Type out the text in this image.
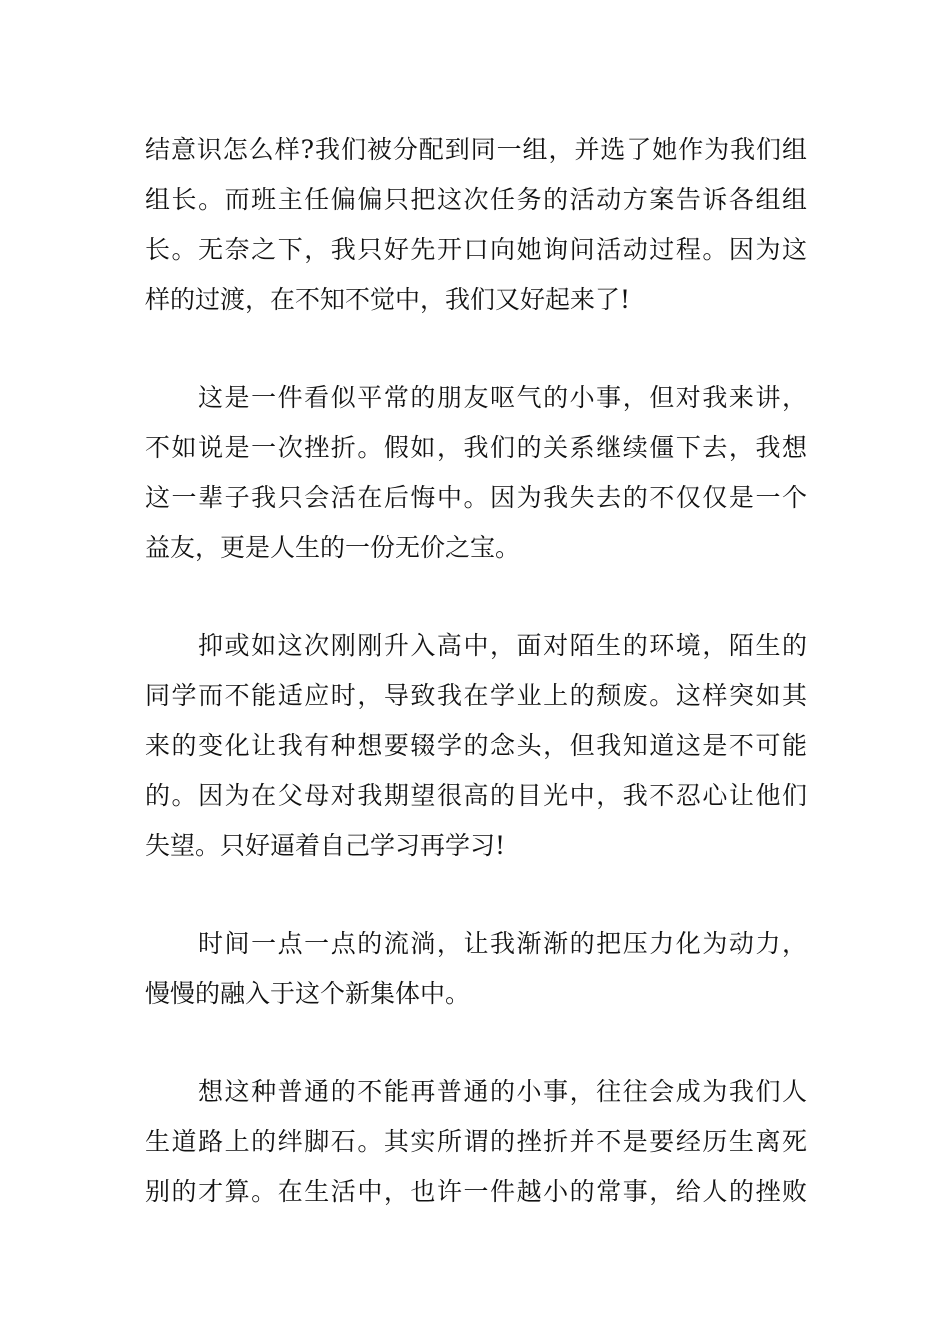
结意识怎么样?我们被分配到同一组，并选了她作为我们组
组长。而班主任偏偏只把这次任务的活动方案告诉各组组
长。无奈之下，我只好先开口向她询问活动过程。因为这
样的过渡，在不知不觉中，我们又好起来了!
这是一件看似平常的朋友呕气的小事，但对我来讲，
不如说是一次挫折。假如，我们的关系继续僵下去，我想
这一辈子我只会活在后悔中。因为我失去的不仅仅是一个
益友，更是人生的一份无价之宝。
抑或如这次刚刚升入高中，面对陌生的环境，陌生的
同学而不能适应时，导致我在学业上的颓废。这样突如其
来的变化让我有种想要辍学的念头，但我知道这是不可能
的。因为在父母对我期望很高的目光中，我不忍心让他们
失望。只好逼着自己学习再学习!
时间一点一点的流淌，让我渐渐的把压力化为动力，
慢慢的融入于这个新集体中。
想这种普通的不能再普通的小事，往往会成为我们人
生道路上的绊脚石。其实所谓的挫折并不是要经历生离死
别的才算。在生活中，也许一件越小的常事，给人的挫败
